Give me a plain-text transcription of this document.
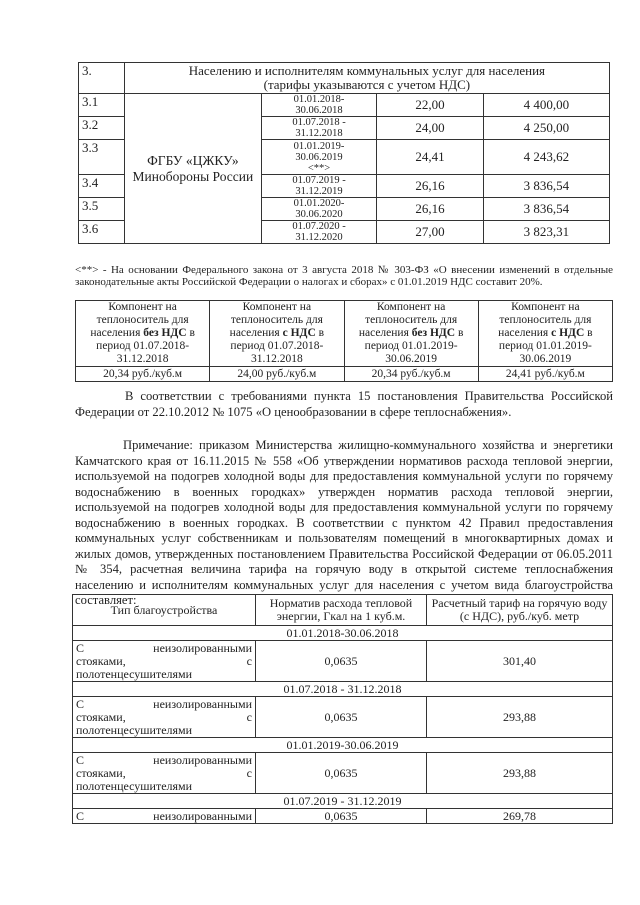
3.	Населению и исполнителям коммунальных услуг для населения
(тарифы указываются с учетом НДС)			
3.1	ФГБУ «ЦЖКУ» Минобороны России	01.01.2018-
30.06.2018	22,00	4 400,00
3.2		01.07.2018 -
31.12.2018	24,00	4 250,00
3.3		01.01.2019-
30.06.2019
<**>	24,41	4 243,62
3.4		01.07.2019 -
31.12.2019	26,16	3 836,54
3.5		01.01.2020-
30.06.2020	26,16	3 836,54
3.6		01.07.2020 -
31.12.2020	27,00	3 823,31
<**> - На основании Федерального закона от 3 августа 2018 № 303-ФЗ «О внесении изменений в отдельные законодательные акты Российской Федерации о налогах и сборах» с 01.01.2019 НДС составит 20%.
Компонент на теплоноситель для населения без НДС в период 01.07.2018-31.12.2018	Компонент на теплоноситель для населения с НДС в период 01.07.2018-31.12.2018	Компонент на теплоноситель для населения без НДС в период 01.01.2019-30.06.2019	Компонент на теплоноситель для населения с НДС в период 01.01.2019-30.06.2019
20,34 руб./куб.м	24,00 руб./куб.м	20,34 руб./куб.м	24,41 руб./куб.м
В соответствии с требованиями пункта 15 постановления Правительства Российской Федерации от 22.10.2012 № 1075 «О ценообразовании в сфере теплоснабжения».
Примечание: приказом Министерства жилищно-коммунального хозяйства и энергетики Камчатского края от 16.11.2015 № 558 «Об утверждении нормативов расхода тепловой энергии, используемой на подогрев холодной воды для предоставления коммунальной услуги по горячему водоснабжению в военных городках» утвержден норматив расхода тепловой энергии, используемой на подогрев холодной воды для предоставления коммунальной услуги по горячему водоснабжению в военных городках. В соответствии с пунктом 42 Правил предоставления коммунальных услуг собственникам и пользователям помещений в многоквартирных домах и жилых домов, утвержденных постановлением Правительства Российской Федерации от 06.05.2011 № 354, расчетная величина тарифа на горячую воду в открытой системе теплоснабжения населению и исполнителям коммунальных услуг для населения с учетом вида благоустройства составляет:
Тип благоустройства	Норматив расхода тепловой энергии, Гкал на 1 куб.м.	Расчетный тариф на горячую воду (с НДС), руб./куб. метр
01.01.2018-30.06.2018		

С неизолированными
стояками, с
полотенцесушителями	0,0635	301,40
01.07.2018 - 31.12.2018		

С неизолированными
стояками, с
полотенцесушителями	0,0635	293,88
01.01.2019-30.06.2019		

С неизолированными
стояками, с
полотенцесушителями	0,0635	293,88
01.07.2019 - 31.12.2019		

С неизолированными	0,0635	269,78
